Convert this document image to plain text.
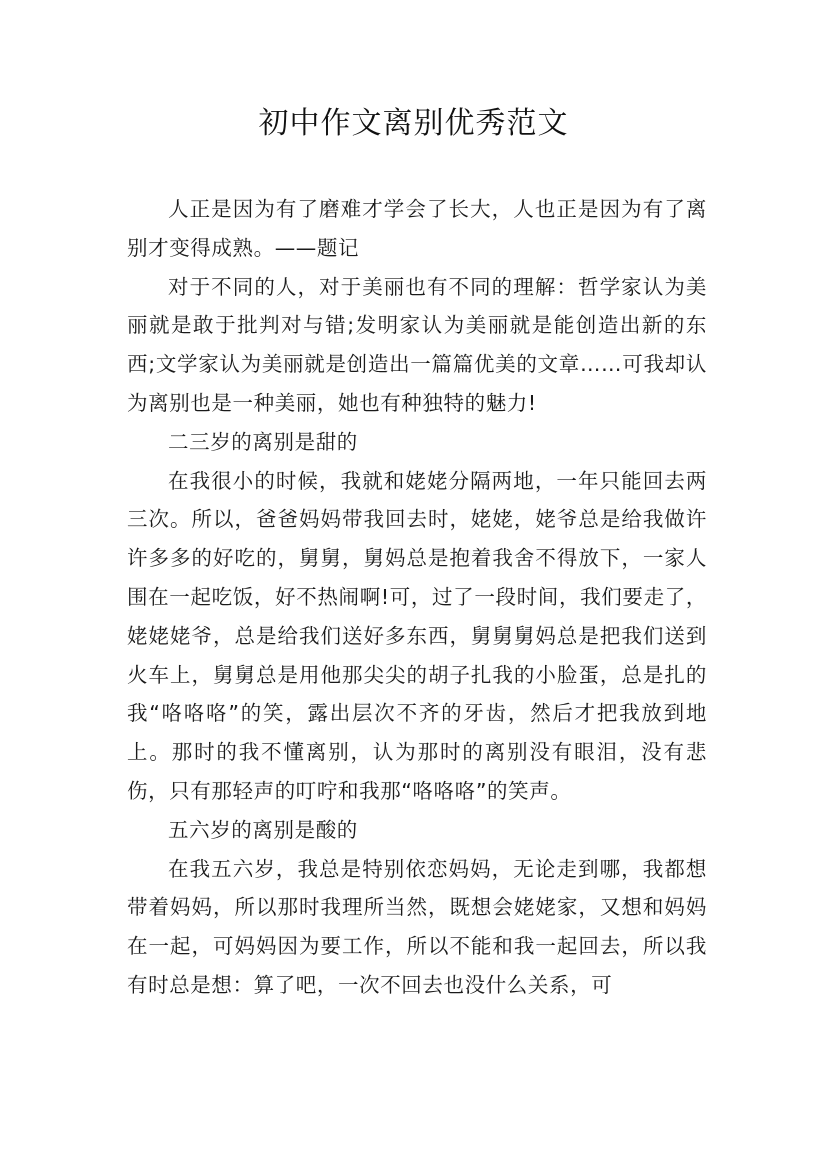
初中作文离别优秀范文

人正是因为有了磨难才学会了长大，人也正是因为有了离别才变得成熟。——题记

对于不同的人，对于美丽也有不同的理解：哲学家认为美丽就是敢于批判对与错;发明家认为美丽就是能创造出新的东西;文学家认为美丽就是创造出一篇篇优美的文章……可我却认为离别也是一种美丽，她也有种独特的魅力!

二三岁的离别是甜的

在我很小的时候，我就和姥姥分隔两地，一年只能回去两三次。所以，爸爸妈妈带我回去时，姥姥，姥爷总是给我做许许多多的好吃的，舅舅，舅妈总是抱着我舍不得放下，一家人围在一起吃饭，好不热闹啊!可，过了一段时间，我们要走了，姥姥姥爷，总是给我们送好多东西，舅舅舅妈总是把我们送到火车上，舅舅总是用他那尖尖的胡子扎我的小脸蛋，总是扎的我“咯咯咯”的笑，露出层次不齐的牙齿，然后才把我放到地上。那时的我不懂离别，认为那时的离别没有眼泪，没有悲伤，只有那轻声的叮咛和我那“咯咯咯”的笑声。

五六岁的离别是酸的

在我五六岁，我总是特别依恋妈妈，无论走到哪，我都想带着妈妈，所以那时我理所当然，既想会姥姥家，又想和妈妈在一起，可妈妈因为要工作，所以不能和我一起回去，所以我有时总是想：算了吧，一次不回去也没什么关系，可
